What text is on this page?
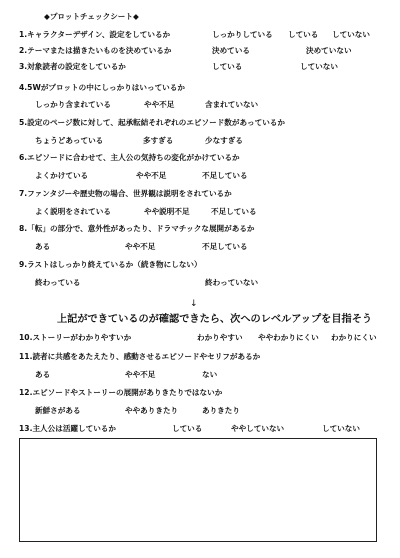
◆プロットチェックシート◆
1.キャラクターデザイン、設定をしているか	しっかりしている している していない
2.テーマまたは描きたいものを決めているか	決めている	決めていない
3.対象読者の設定をしているか	している	していない
4.5Wがプロットの中にしっかりはいっているか
しっかり含まれている	やや不足	含まれていない
5.設定のページ数に対して、起承転結それぞれのエピソード数があっているか
ちょうどあっている	多すぎる	少なすぎる
6.エピソードに合わせて、主人公の気持ちの変化がかけているか
よくかけている	やや不足	不足している
7.ファンタジーや歴史物の場合、世界観は説明をされているか
よく説明をされている	やや説明不足	不足している
8.「転」の部分で、意外性があったり、ドラマチックな展開があるか
ある	やや不足	不足している
9.ラストはしっかり終えているか（続き物にしない）
終わっている	終わっていない
↓
上記ができているのが確認できたら、次へのレベルアップを目指そう
10.ストーリーがわかりやすいか	わかりやすい ややわかりにくい わかりにくい
11.読者に共感をあたえたり、感動させるエピソードやセリフがあるか
ある	やや不足	ない
12.エピソードやストーリーの展開がありきたりではないか
新鮮さがある	ややありきたり	ありきたり
13.主人公は活躍しているか	している	ややしていない	していない
